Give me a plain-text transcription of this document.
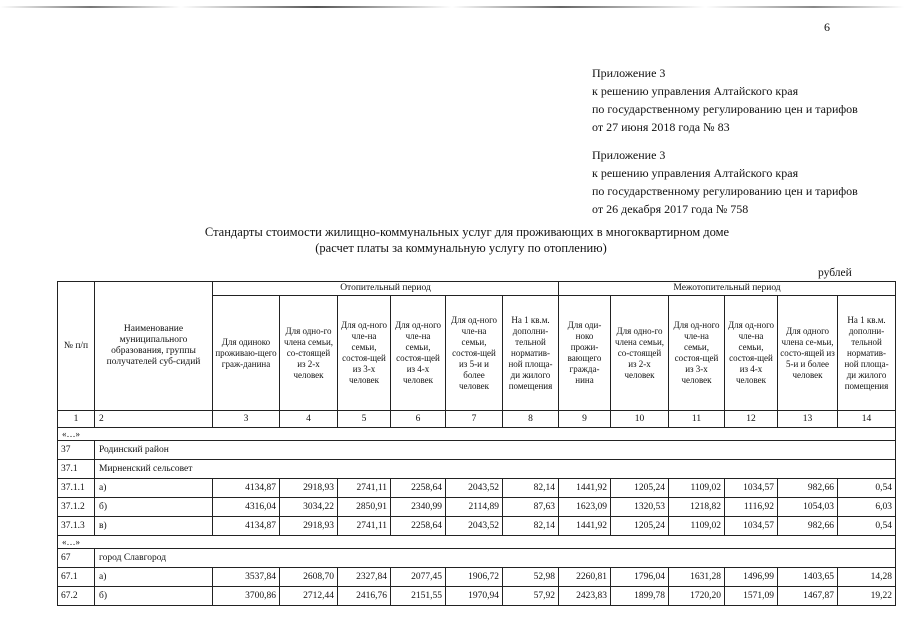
6
Приложение 3
к решению управления Алтайского края
по государственному регулированию цен и тарифов
от 27 июня 2018 года № 83
Приложение 3
к решению управления Алтайского края
по государственному регулированию цен и тарифов
от 26 декабря 2017 года № 758
Стандарты стоимости жилищно-коммунальных услуг для проживающих в многоквартирном доме
(расчет платы за коммунальную услугу по отоплению)
рублей
№ п/п	Наименование муниципального образования, группы получателей суб-сидий	Отопительный период						Межотопительный период					
		Для одиноко проживаю-щего граж-данина	Для одно-го члена семьи, со-стоящей из 2-х человек	Для од-ного чле-на семьи, состоя-щей из 3-х человек	Для од-ного чле-на семьи, состоя-щей из 4-х человек	Для од-ного чле-на семьи, состоя-щей из 5-и и более человек	На 1 кв.м. дополни-тельной норматив-ной площа-ди жилого помещения	Для оди-ноко прожи-вающего гражда-нина	Для одно-го члена семьи, со-стоящей из 2-х человек	Для од-ного чле-на семьи, состоя-щей из 3-х человек	Для од-ного чле-на семьи, состоя-щей из 4-х человек	Для одного члена се-мьи, состо-ящей из 5-и и более человек	На 1 кв.м. дополни-тельной норматив-ной площа-ди жилого помещения
1	2	3	4	5	6	7	8	9	10	11	12	13	14
«…»													
37	Родинский район												
37.1	Мирненский сельсовет												
37.1.1	а)	4134,87	2918,93	2741,11	2258,64	2043,52	82,14	1441,92	1205,24	1109,02	1034,57	982,66	0,54
37.1.2	б)	4316,04	3034,22	2850,91	2340,99	2114,89	87,63	1623,09	1320,53	1218,82	1116,92	1054,03	6,03
37.1.3	в)	4134,87	2918,93	2741,11	2258,64	2043,52	82,14	1441,92	1205,24	1109,02	1034,57	982,66	0,54
«…»													
67	город Славгород												
67.1	а)	3537,84	2608,70	2327,84	2077,45	1906,72	52,98	2260,81	1796,04	1631,28	1496,99	1403,65	14,28
67.2	б)	3700,86	2712,44	2416,76	2151,55	1970,94	57,92	2423,83	1899,78	1720,20	1571,09	1467,87	19,22
